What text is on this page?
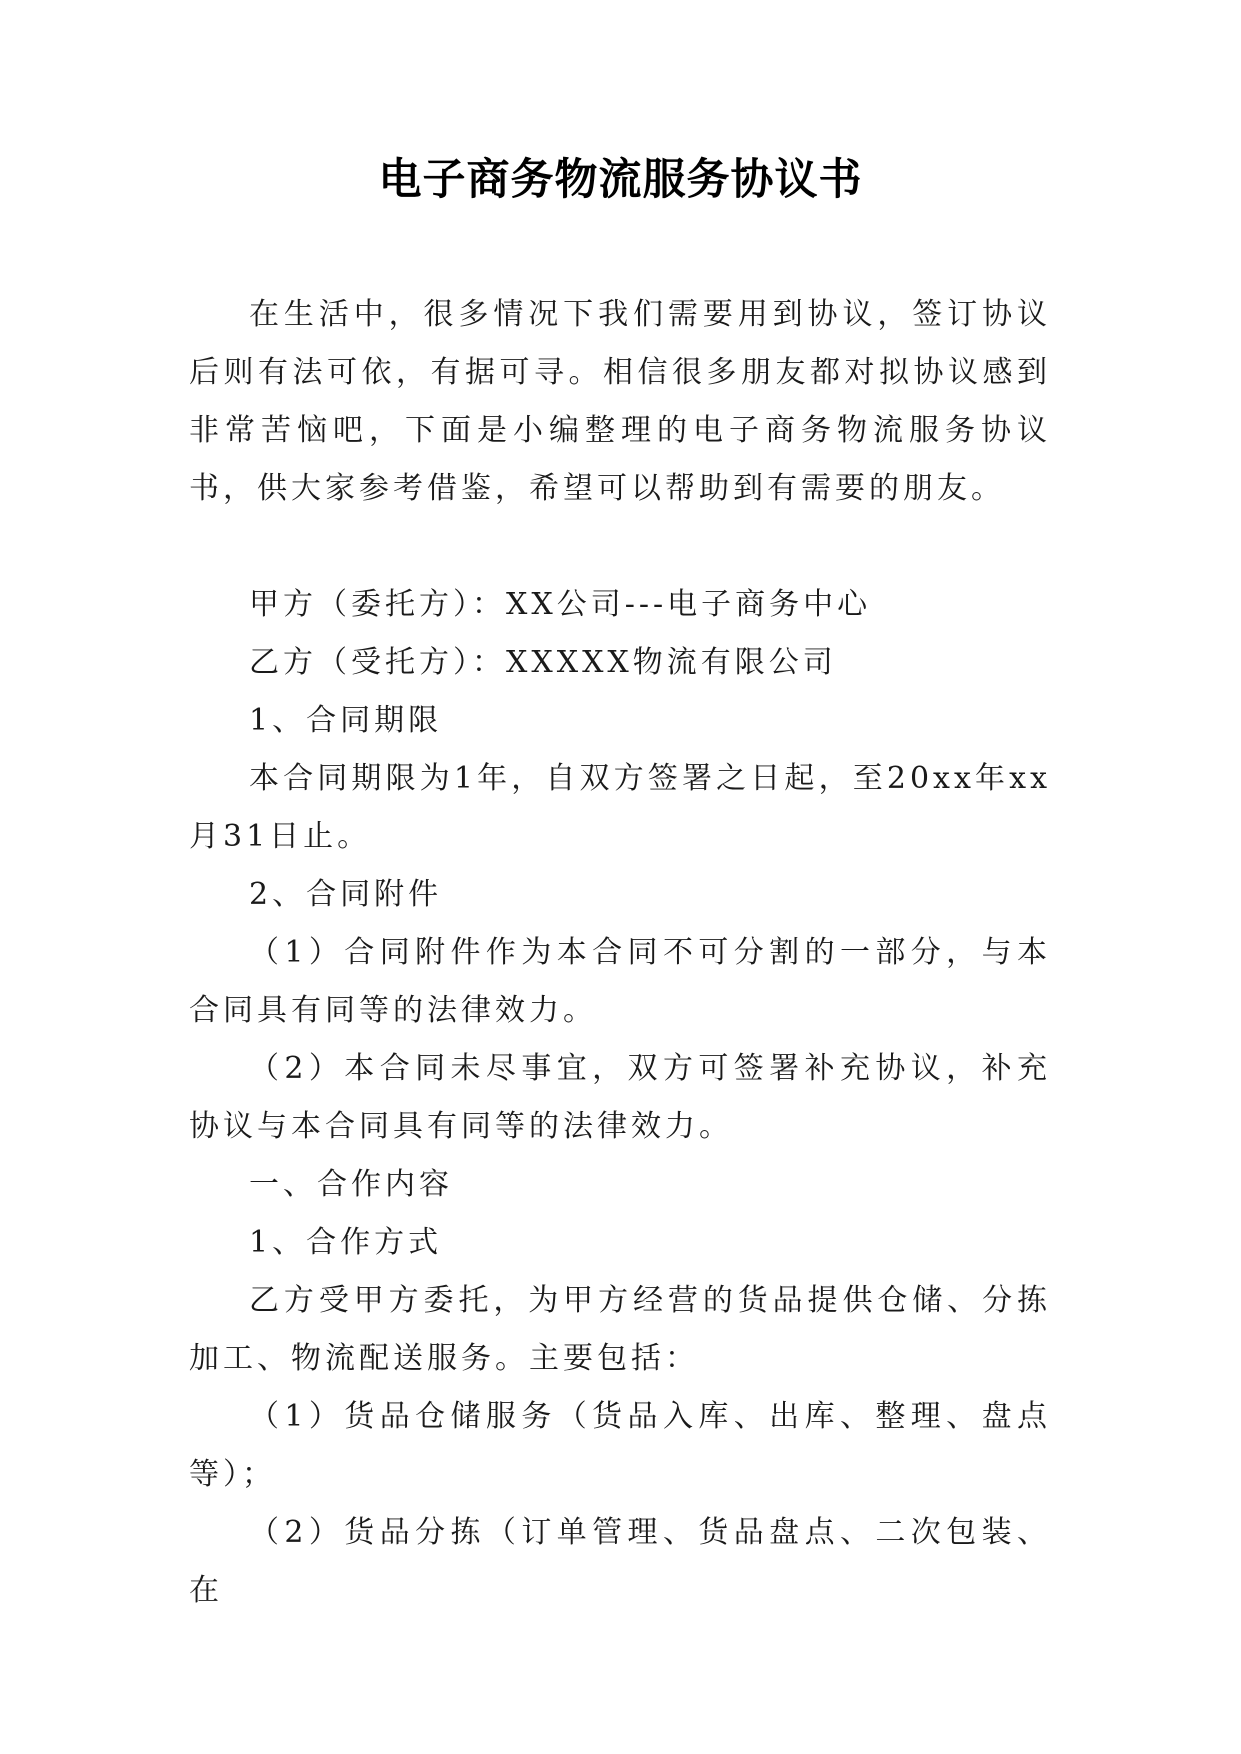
电子商务物流服务协议书

在生活中，很多情况下我们需要用到协议，签订协议后则有法可依，有据可寻。相信很多朋友都对拟协议感到非常苦恼吧，下面是小编整理的电子商务物流服务协议书，供大家参考借鉴，希望可以帮助到有需要的朋友。

甲方（委托方）：XX公司---电子商务中心

乙方（受托方）：XXXXX物流有限公司

1、合同期限

本合同期限为1年，自双方签署之日起，至20xx年xx月31日止。

2、合同附件

（1）合同附件作为本合同不可分割的一部分，与本合同具有同等的法律效力。

（2）本合同未尽事宜，双方可签署补充协议，补充协议与本合同具有同等的法律效力。

一、合作内容

1、合作方式

乙方受甲方委托，为甲方经营的货品提供仓储、分拣加工、物流配送服务。主要包括：

（1）货品仓储服务（货品入库、出库、整理、盘点等）；

（2）货品分拣（订单管理、货品盘点、二次包装、在
